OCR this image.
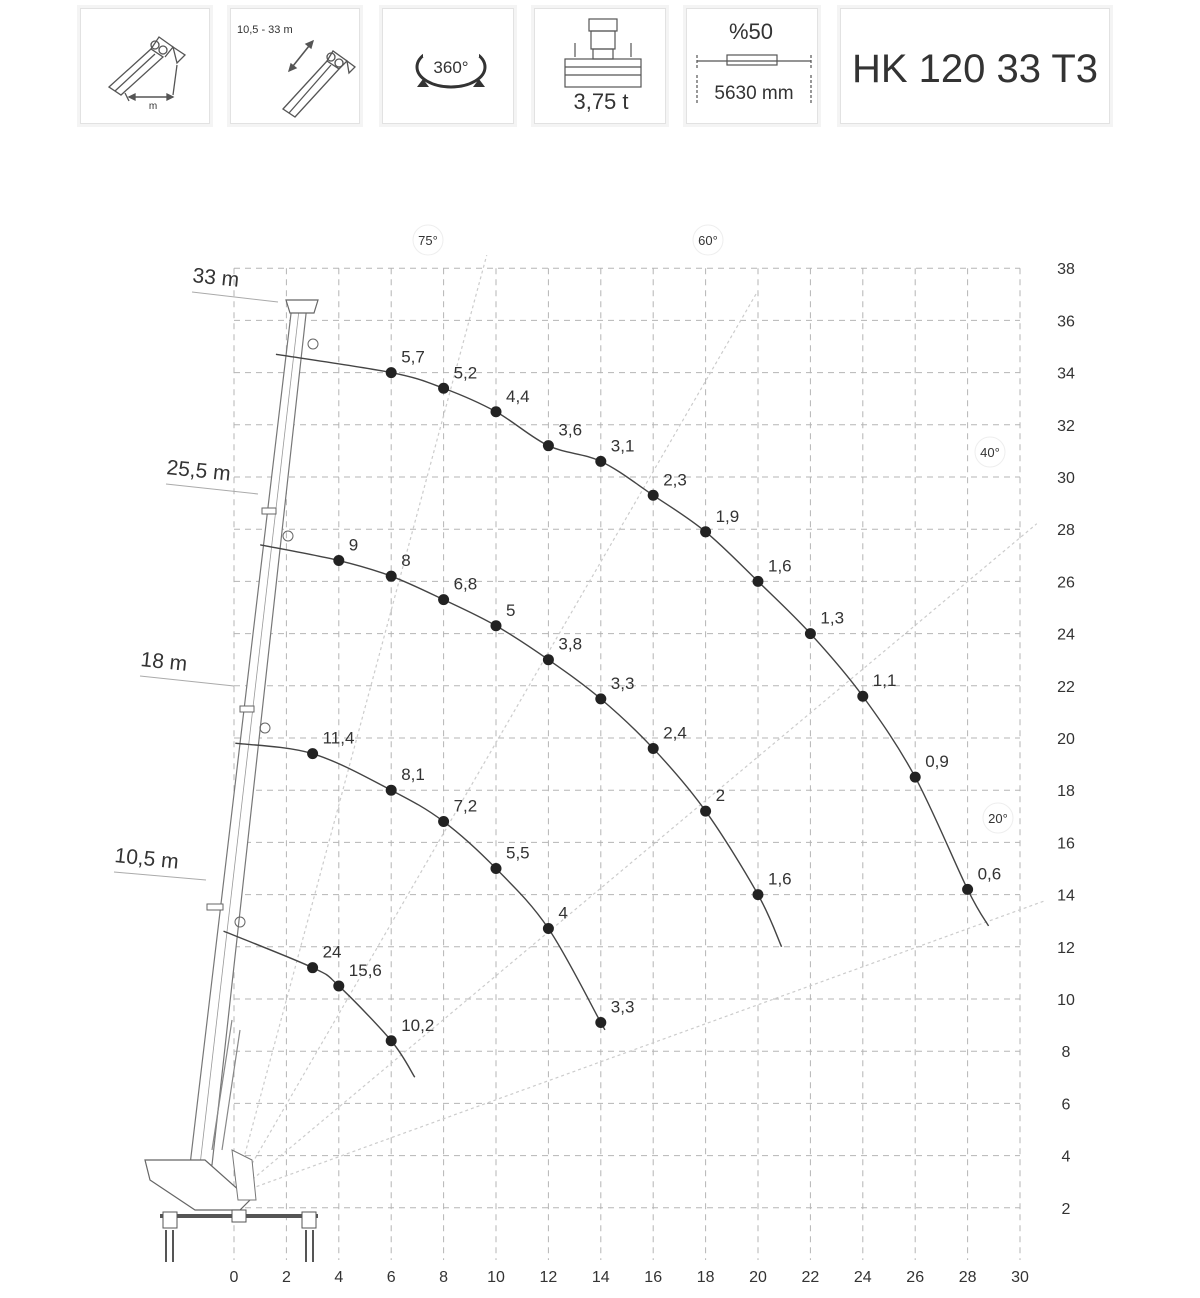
m
10,5 - 33 m
360°
3,75 t
%50
5630 mm
HK 120 33 T3
75°	60°
40°
20°
5,7
5,2
4,4
3,6
3,1
2,3
1,9
1,6
1,3
1,1
0,9
0,6
9
8
6,8
5
3,8
3,3
2,4
2
1,6
11,4
8,1
7,2
5,5
4
3,3
24
15,6
10,2
33 m
25,5 m
18 m
10,5 m
0	2	4	6	8 10 12 14 16 18 20 22 24 26 28 30
2
4
6
8
10
12
14
16
18
20
22
24
26
28
30
32
34
36
38
